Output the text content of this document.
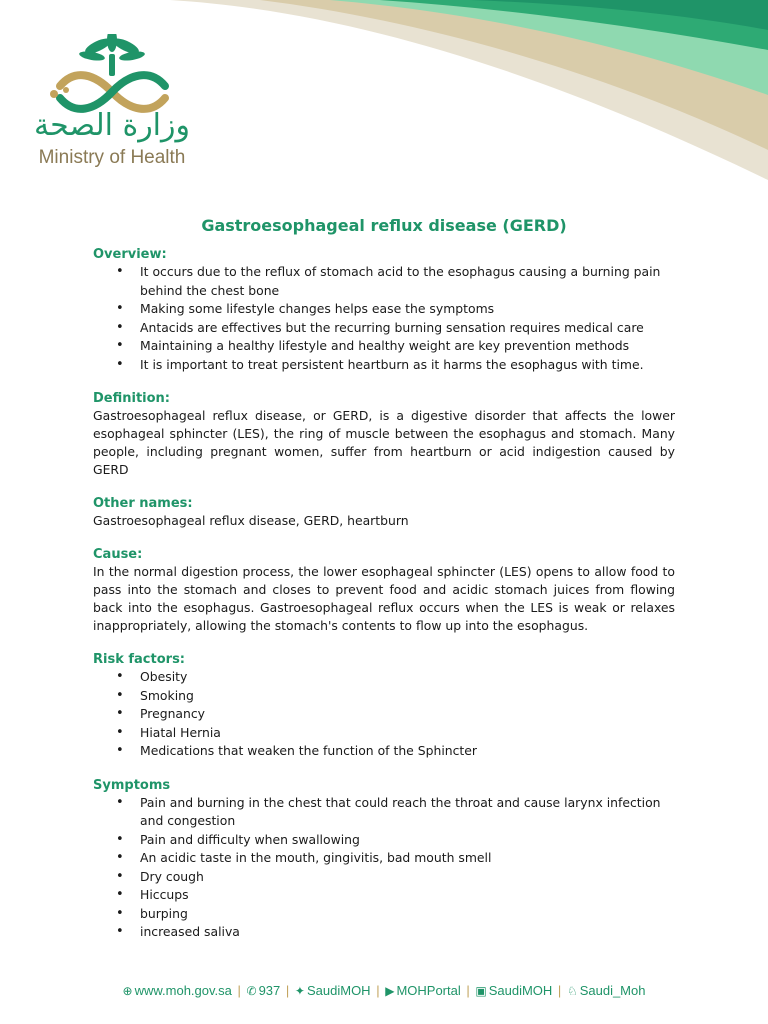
وزارة الصحة
Ministry of Health
Gastroesophageal reflux disease (GERD)

Overview:

• It occurs due to the reflux of stomach acid to the esophagus causing a burning pain behind the chest bone
• Making some lifestyle changes helps ease the symptoms
• Antacids are effectives but the recurring burning sensation requires medical care
• Maintaining a healthy lifestyle and healthy weight are key prevention methods
• It is important to treat persistent heartburn as it harms the esophagus with time.

Definition:

Gastroesophageal reflux disease, or GERD, is a digestive disorder that affects the lower esophageal sphincter (LES), the ring of muscle between the esophagus and stomach. Many people, including pregnant women, suffer from heartburn or acid indigestion caused by GERD

Other names:

Gastroesophageal reflux disease, GERD, heartburn

Cause:

In the normal digestion process, the lower esophageal sphincter (LES) opens to allow food to pass into the stomach and closes to prevent food and acidic stomach juices from flowing back into the esophagus. Gastroesophageal reflux occurs when the LES is weak or relaxes inappropriately, allowing the stomach's contents to flow up into the esophagus.

Risk factors:

• Obesity
• Smoking
• Pregnancy
• Hiatal Hernia
• Medications that weaken the function of the Sphincter

Symptoms

• Pain and burning in the chest that could reach the throat and cause larynx infection and congestion
• Pain and difficulty when swallowing
• An acidic taste in the mouth, gingivitis, bad mouth smell
• Dry cough
• Hiccups
• burping
• increased saliva
⊕ www.moh.gov.sa | ✆ 937 | ✦ SaudiMOH | ▶ MOHPortal | ▣ SaudiMOH | ♘ Saudi_Moh
